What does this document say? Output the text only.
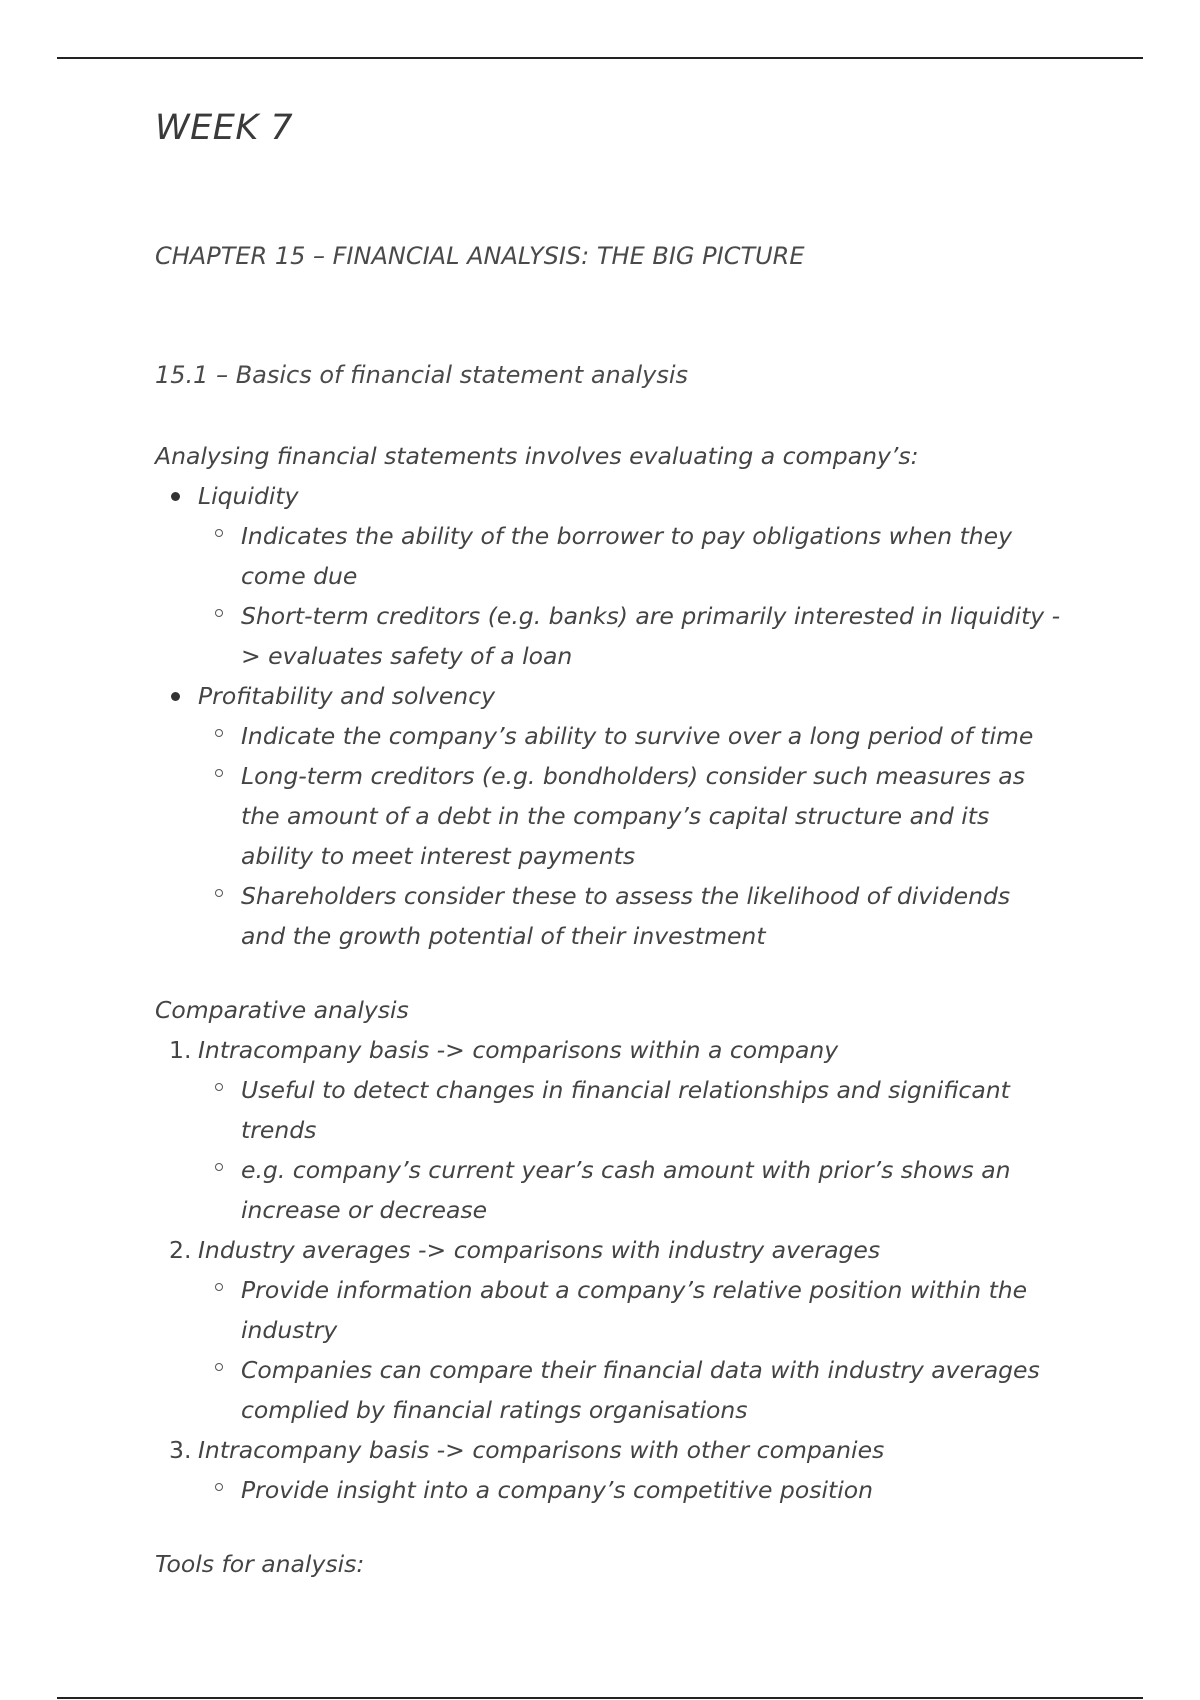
WEEK 7
CHAPTER 15 – FINANCIAL ANALYSIS: THE BIG PICTURE
15.1 – Basics of financial statement analysis

Analysing financial statements involves evaluating a company’s:

Liquidity
Indicates the ability of the borrower to pay obligations when they come due
Short-term creditors (e.g. banks) are primarily interested in liquidity -> evaluates safety of a loan
Profitability and solvency
Indicate the company’s ability to survive over a long period of time
Long-term creditors (e.g. bondholders) consider such measures as the amount of a debt in the company’s capital structure and its ability to meet interest payments
Shareholders consider these to assess the likelihood of dividends and the growth potential of their investment

Comparative analysis

1. Intracompany basis -> comparisons within a company
Useful to detect changes in financial relationships and significant trends
e.g. company’s current year’s cash amount with prior’s shows an increase or decrease
2. Industry averages -> comparisons with industry averages
Provide information about a company’s relative position within the industry
Companies can compare their financial data with industry averages complied by financial ratings organisations
3. Intracompany basis -> comparisons with other companies
Provide insight into a company’s competitive position

Tools for analysis:
